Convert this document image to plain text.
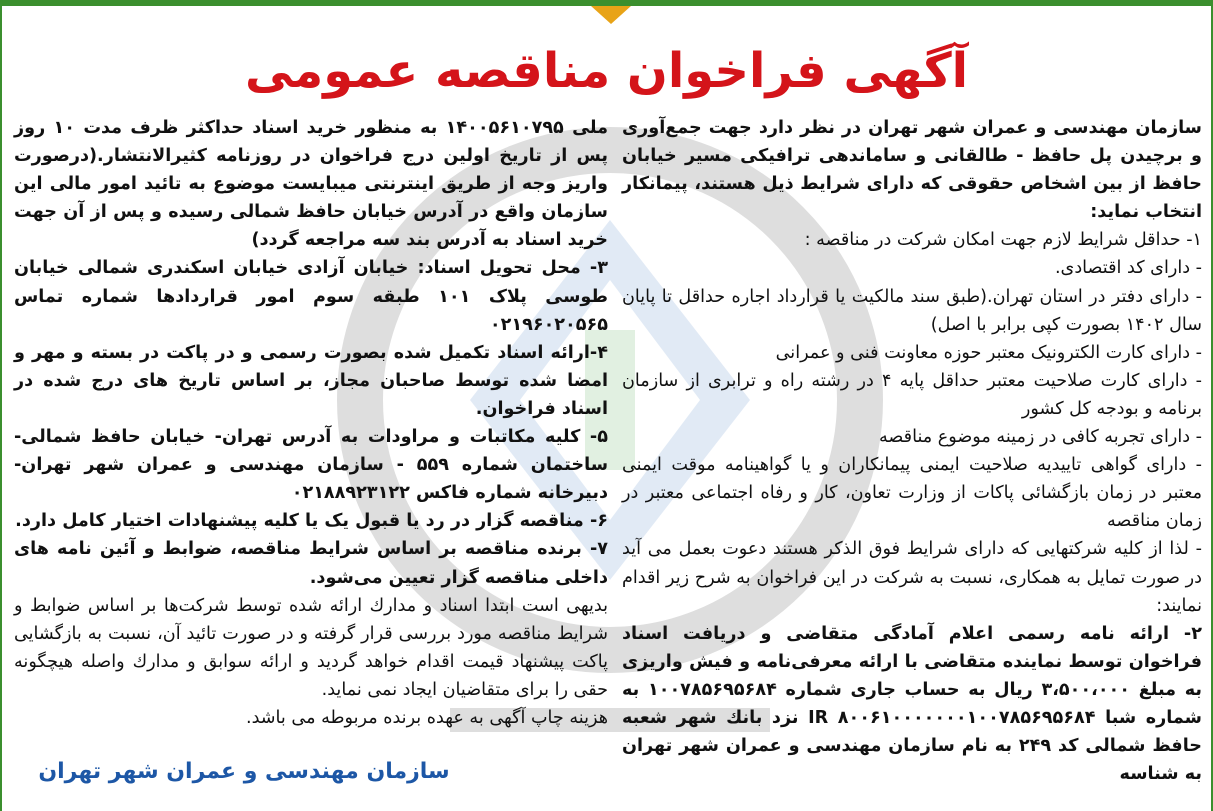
آگهی فراخوان مناقصه عمومی

سازمان مهندسی و عمران شهر تهران در نظر دارد جهت جمع‌آوری و برچیدن پل حافظ - طالقانی و ساماندهی ترافیکی مسیر خیابان حافظ از بین اشخاص حقوقی که دارای شرایط ذیل هستند، پیمانکار انتخاب نماید:

۱- حداقل شرایط لازم جهت امکان شرکت در مناقصه :

- دارای کد اقتصادی.

- دارای دفتر در استان تهران.(طبق سند مالکیت یا قرارداد اجاره حداقل تا پایان سال ۱۴۰۲ بصورت کپی برابر با اصل)

- دارای کارت الکترونیک معتبر حوزه معاونت فنی و عمرانی

- دارای کارت صلاحیت معتبر حداقل پایه ۴ در رشته راه و ترابری از سازمان برنامه و بودجه کل کشور

- دارای تجربه کافی در زمینه موضوع مناقصه

- دارای گواهی تاییدیه صلاحیت ایمنی پیمانکاران و یا گواهینامه موقت ایمنی معتبر در زمان بازگشائی پاکات از وزارت تعاون، کار و رفاه اجتماعی معتبر در زمان مناقصه

- لذا از کلیه شرکتهایی که دارای شرایط فوق الذکر هستند دعوت بعمل می آید در صورت تمایل به همکاری، نسبت به شرکت در این فراخوان به شرح زیر اقدام نمایند:

۲- ارائه نامه رسمی اعلام آمادگی متقاضی و دریافت اسناد فراخوان توسط نماینده متقاضی با ارائه معرفی‌نامه و فیش واریزی به مبلغ ۳،۵۰۰،۰۰۰ ریال به حساب جاری شماره ۱۰۰۷۸۵۶۹۵۶۸۴ به شماره شبا IR ۸۰۰۶۱۰۰۰۰۰۰۰۱۰۰۷۸۵۶۹۵۶۸۴ نزد بانك شهر شعبه حافظ شمالی کد ۲۴۹ به نام سازمان مهندسی و عمران شهر تهران به شناسه

ملی ۱۴۰۰۵۶۱۰۷۹۵ به منظور خرید اسناد حداکثر ظرف مدت ۱۰ روز پس از تاریخ اولین درج فراخوان در روزنامه کثیرالانتشار.(درصورت واریز وجه از طریق اینترنتی میبایست موضوع به تائید امور مالی این سازمان واقع در آدرس خیابان حافظ شمالی رسیده و پس از آن جهت خرید اسناد به آدرس بند سه مراجعه گردد)

۳- محل تحویل اسناد: خیابان آزادی خیابان اسکندری شمالی خیابان طوسی پلاک ۱۰۱ طبقه سوم امور قراردادها شماره تماس ۰۲۱۹۶۰۲۰۵۶۵

۴-ارائه اسناد تکمیل شده بصورت رسمی و در پاکت در بسته و مهر و امضا شده توسط صاحبان مجاز، بر اساس تاریخ های درج شده در اسناد فراخوان.

۵- کلیه مکاتبات و مراودات به آدرس تهران- خیابان حافظ شمالی- ساختمان شماره ۵۵۹ - سازمان مهندسی و عمران شهر تهران- دبیرخانه شماره فاکس ۰۲۱۸۸۹۲۳۱۲۲

۶- مناقصه گزار در رد یا قبول یک یا کلیه پیشنهادات اختیار کامل دارد.

۷- برنده مناقصه بر اساس شرایط مناقصه، ضوابط و آئین نامه های داخلی مناقصه گزار تعیین می‌شود.

بدیهی است ابتدا اسناد و مدارك ارائه شده توسط شرکت‌ها بر اساس ضوابط و شرایط مناقصه مورد بررسی قرار گرفته و در صورت تائید آن، نسبت به بازگشایی پاکت پیشنهاد قیمت اقدام خواهد گردید و ارائه سوابق و مدارك واصله هیچگونه حقی را برای متقاضیان ایجاد نمی نماید.

هزینه چاپ آگهی به عهده برنده مربوطه می باشد.

سازمان مهندسی و عمران شهر تهران
